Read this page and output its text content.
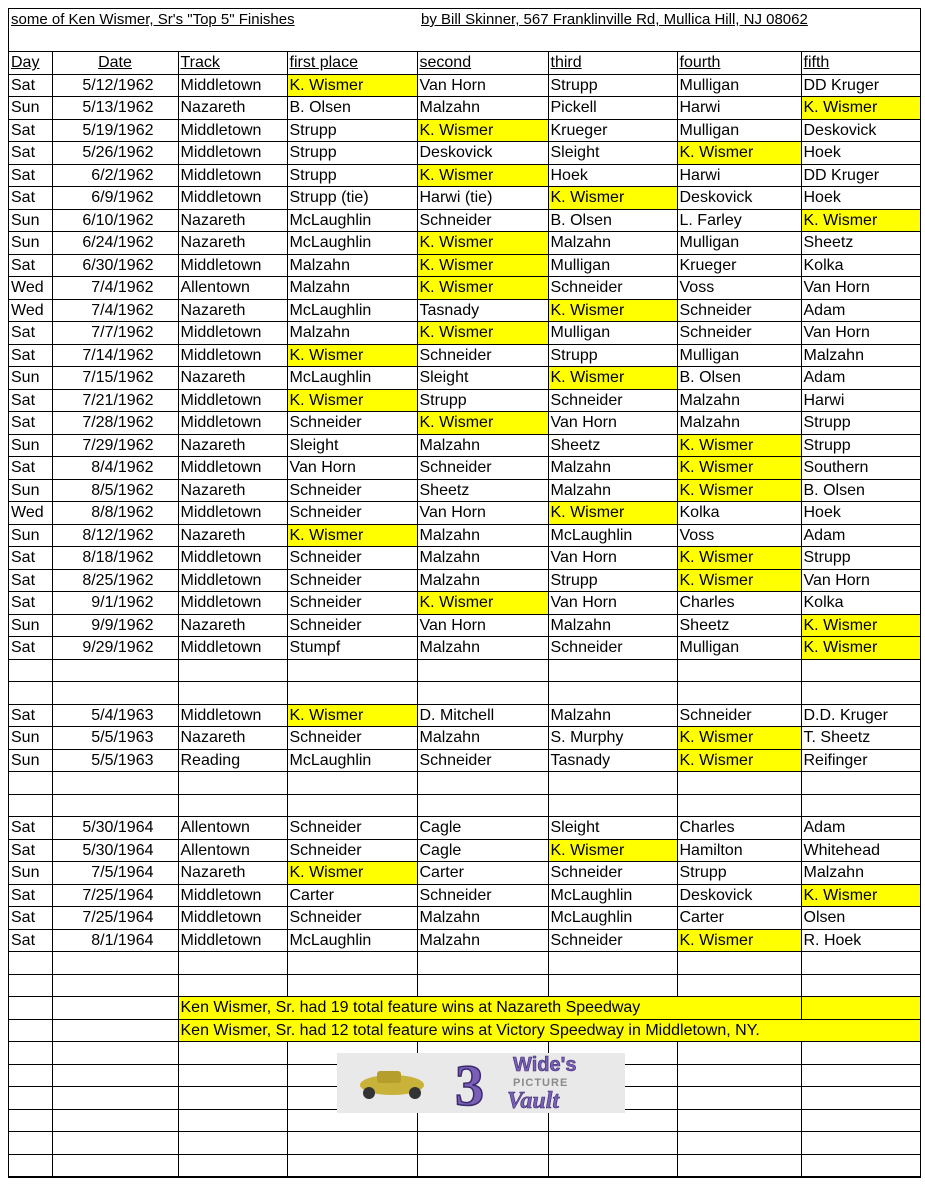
some of Ken Wismer, Sr's "Top 5" Finishes	by Bill Skinner, 567 Franklinville Rd, Mullica Hill, NJ 08062
Day	Date	Track	first place	second	third	fourth	fifth
Sat	5/12/1962	Middletown	K. Wismer	Van Horn	Strupp	Mulligan	DD Kruger
Sun	5/13/1962	Nazareth	B. Olsen	Malzahn	Pickell	Harwi	K. Wismer
Sat	5/19/1962	Middletown	Strupp	K. Wismer	Krueger	Mulligan	Deskovick
Sat	5/26/1962	Middletown	Strupp	Deskovick	Sleight	K. Wismer	Hoek
Sat	6/2/1962	Middletown	Strupp	K. Wismer	Hoek	Harwi	DD Kruger
Sat	6/9/1962	Middletown	Strupp (tie)	Harwi (tie)	K. Wismer	Deskovick	Hoek
Sun	6/10/1962	Nazareth	McLaughlin	Schneider	B. Olsen	L. Farley	K. Wismer
Sun	6/24/1962	Nazareth	McLaughlin	K. Wismer	Malzahn	Mulligan	Sheetz
Sat	6/30/1962	Middletown	Malzahn	K. Wismer	Mulligan	Krueger	Kolka
Wed	7/4/1962	Allentown	Malzahn	K. Wismer	Schneider	Voss	Van Horn
Wed	7/4/1962	Nazareth	McLaughlin	Tasnady	K. Wismer	Schneider	Adam
Sat	7/7/1962	Middletown	Malzahn	K. Wismer	Mulligan	Schneider	Van Horn
Sat	7/14/1962	Middletown	K. Wismer	Schneider	Strupp	Mulligan	Malzahn
Sun	7/15/1962	Nazareth	McLaughlin	Sleight	K. Wismer	B. Olsen	Adam
Sat	7/21/1962	Middletown	K. Wismer	Strupp	Schneider	Malzahn	Harwi
Sat	7/28/1962	Middletown	Schneider	K. Wismer	Van Horn	Malzahn	Strupp
Sun	7/29/1962	Nazareth	Sleight	Malzahn	Sheetz	K. Wismer	Strupp
Sat	8/4/1962	Middletown	Van Horn	Schneider	Malzahn	K. Wismer	Southern
Sun	8/5/1962	Nazareth	Schneider	Sheetz	Malzahn	K. Wismer	B. Olsen
Wed	8/8/1962	Middletown	Schneider	Van Horn	K. Wismer	Kolka	Hoek
Sun	8/12/1962	Nazareth	K. Wismer	Malzahn	McLaughlin	Voss	Adam
Sat	8/18/1962	Middletown	Schneider	Malzahn	Van Horn	K. Wismer	Strupp
Sat	8/25/1962	Middletown	Schneider	Malzahn	Strupp	K. Wismer	Van Horn
Sat	9/1/1962	Middletown	Schneider	K. Wismer	Van Horn	Charles	Kolka
Sun	9/9/1962	Nazareth	Schneider	Van Horn	Malzahn	Sheetz	K. Wismer
Sat	9/29/1962	Middletown	Stumpf	Malzahn	Schneider	Mulligan	K. Wismer

Sat	5/4/1963	Middletown	K. Wismer	D. Mitchell	Malzahn	Schneider	D.D. Kruger
Sun	5/5/1963	Nazareth	Schneider	Malzahn	S. Murphy	K. Wismer	T. Sheetz
Sun	5/5/1963	Reading	McLaughlin	Schneider	Tasnady	K. Wismer	Reifinger

Sat	5/30/1964	Allentown	Schneider	Cagle	Sleight	Charles	Adam
Sat	5/30/1964	Allentown	Schneider	Cagle	K. Wismer	Hamilton	Whitehead
Sun	7/5/1964	Nazareth	K. Wismer	Carter	Schneider	Strupp	Malzahn
Sat	7/25/1964	Middletown	Carter	Schneider	McLaughlin	Deskovick	K. Wismer
Sat	7/25/1964	Middletown	Schneider	Malzahn	McLaughlin	Carter	Olsen
Sat	8/1/1964	Middletown	McLaughlin	Malzahn	Schneider	K. Wismer	R. Hoek

		Ken Wismer, Sr. had 19 total feature wins at Nazareth Speedway					
		Ken Wismer, Sr. had 12 total feature wins at Victory Speedway in Middletown, NY.					

3 Wide's
PICTURE
Vault
